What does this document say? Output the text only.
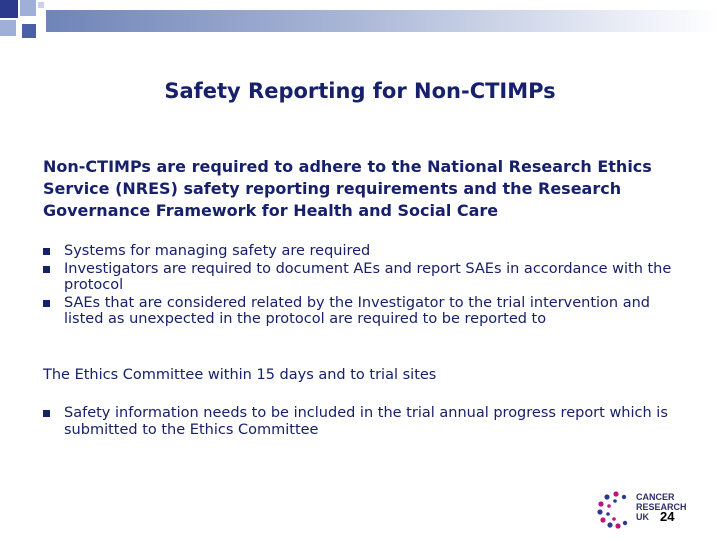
Safety Reporting for Non-CTIMPs
Non-CTIMPs are required to adhere to the National Research Ethics Service (NRES) safety reporting requirements and the Research Governance Framework for Health and Social Care
Systems for managing safety are required
Investigators are required to document AEs and report SAEs in accordance with the protocol
SAEs that are considered related by the Investigator to the trial intervention and listed as unexpected in the protocol are required to be reported to
The Ethics Committee within 15 days and to trial sites
Safety information needs to be included in the trial annual progress report which is submitted to the Ethics Committee
CANCER
RESEARCH
UK 24
